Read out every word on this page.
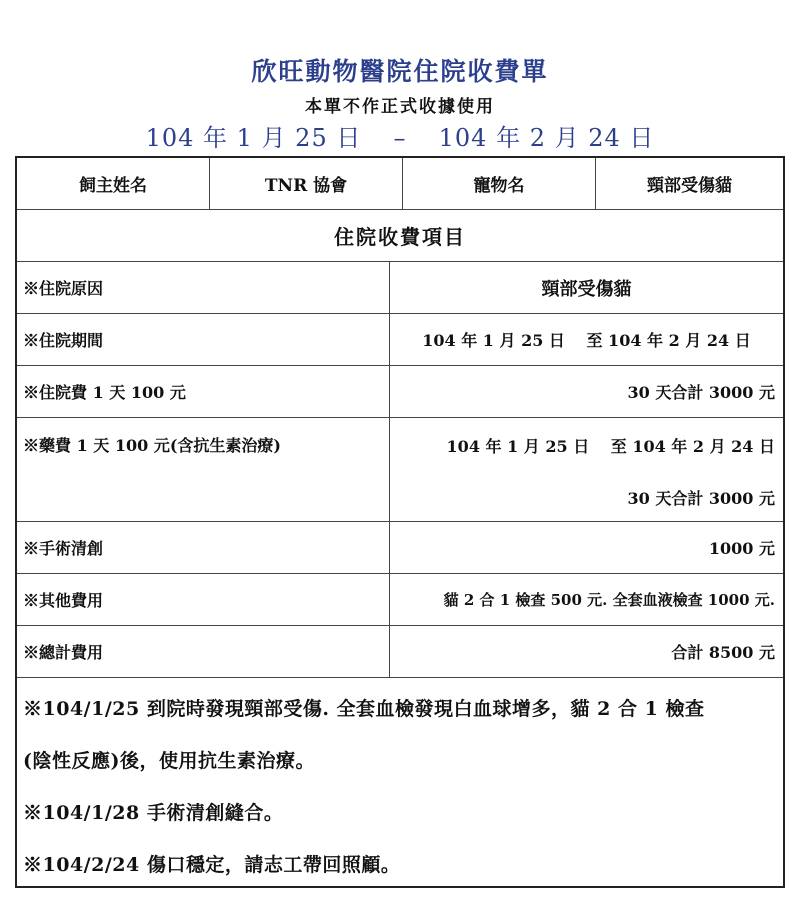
欣旺動物醫院住院收費單
本單不作正式收據使用
104 年 1 月 25 日 – 104 年 2 月 24 日
飼主姓名	TNR 協會	寵物名	頸部受傷貓
住院收費項目
※住院原因	頸部受傷貓
※住院期間	104 年 1 月 25 日　 至 104 年 2 月 24 日
※住院費 1 天 100 元	30 天合計 3000 元
※藥費 1 天 100 元(含抗生素治療)	104 年 1 月 25 日　 至 104 年 2 月 24 日
30 天合計 3000 元
※手術清創	1000 元
※其他費用	貓 2 合 1 檢查 500 元. 全套血液檢查 1000 元.
※總計費用	合計 8500 元
※104/1/25 到院時發現頸部受傷. 全套血檢發現白血球增多，貓 2 合 1 檢查
(陰性反應)後，使用抗生素治療。
※104/1/28 手術清創縫合。
※104/2/24 傷口穩定，請志工帶回照顧。
